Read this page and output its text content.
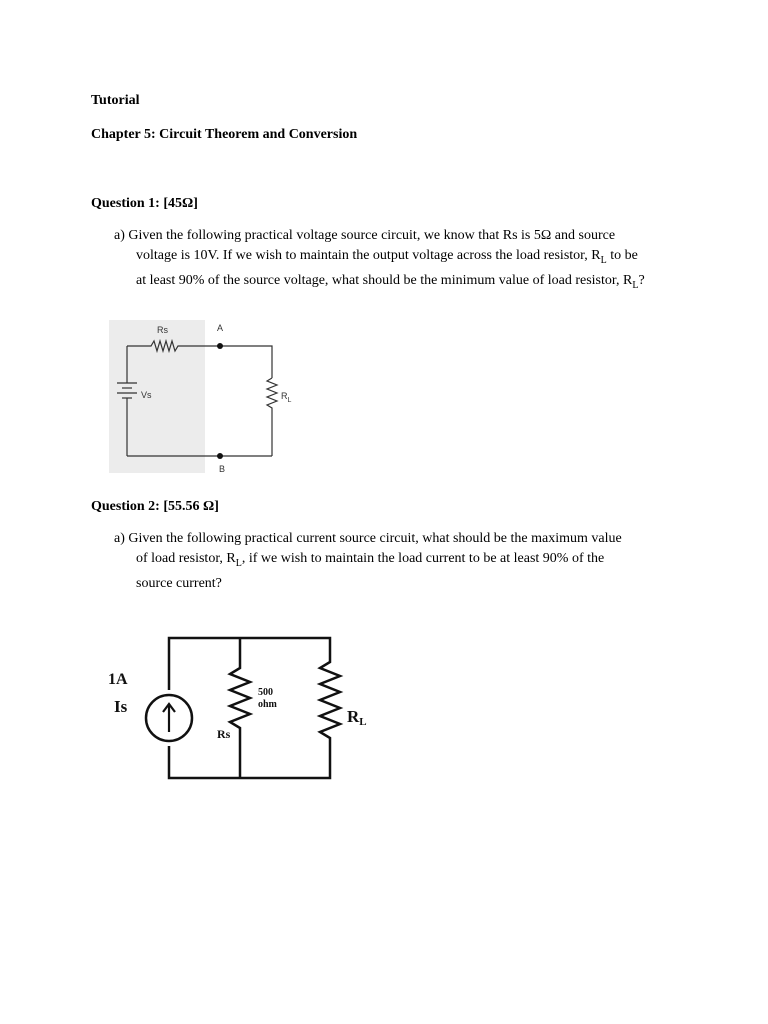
Tutorial
Chapter 5: Circuit Theorem and Conversion
Question 1: [45Ω]
a) Given the following practical voltage source circuit, we know that Rs is 5Ω and source
voltage is 10V. If we wish to maintain the output voltage across the load resistor, $R_L$ to be
at least 90% of the source voltage, what should be the minimum value of load resistor, $R_L$?
Rs	A
B
Vs	$R_L$
Question 2: [55.56 Ω]
a) Given the following practical current source circuit, what should be the maximum value
of load resistor, $R_L$, if we wish to maintain the load current to be at least 90% of the
source current?
1A
Is
500
ohm
Rs
RL
